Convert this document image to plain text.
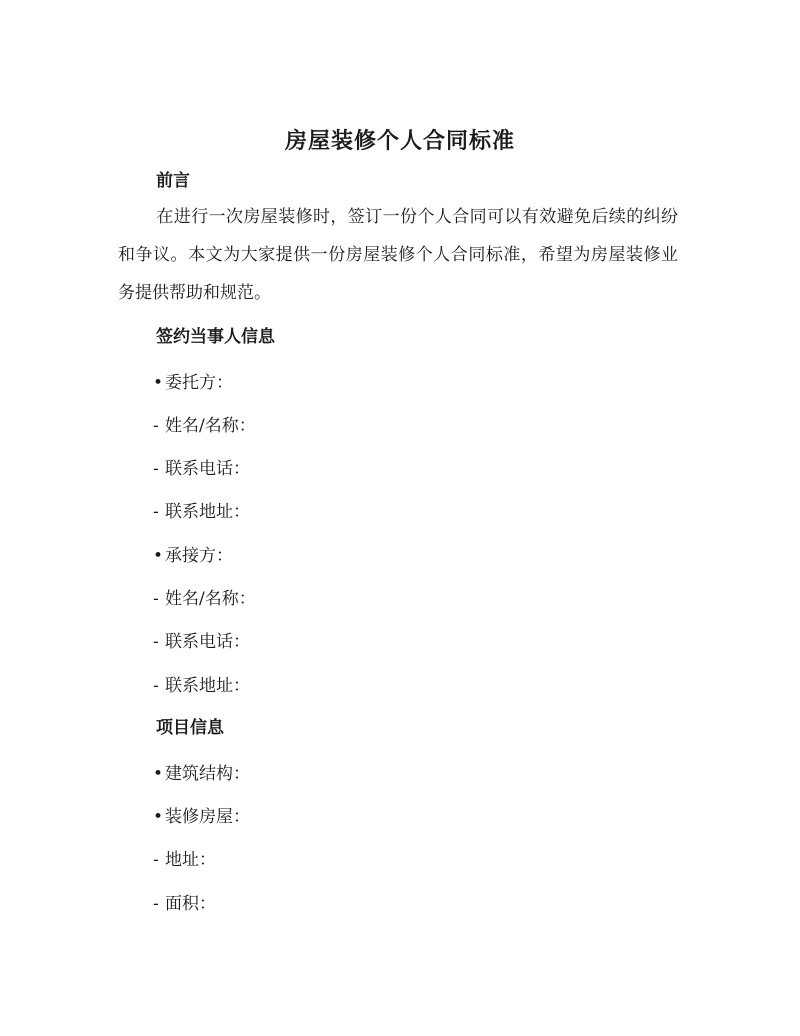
房屋装修个人合同标准
前言
在进行一次房屋装修时，签订一份个人合同可以有效避免后续的纠纷和争议。本文为大家提供一份房屋装修个人合同标准，希望为房屋装修业务提供帮助和规范。
签约当事人信息
• 委托方：
- 姓名/名称：
- 联系电话：
- 联系地址：
• 承接方：
- 姓名/名称：
- 联系电话：
- 联系地址：
项目信息
• 建筑结构：
• 装修房屋：
- 地址：
- 面积：
